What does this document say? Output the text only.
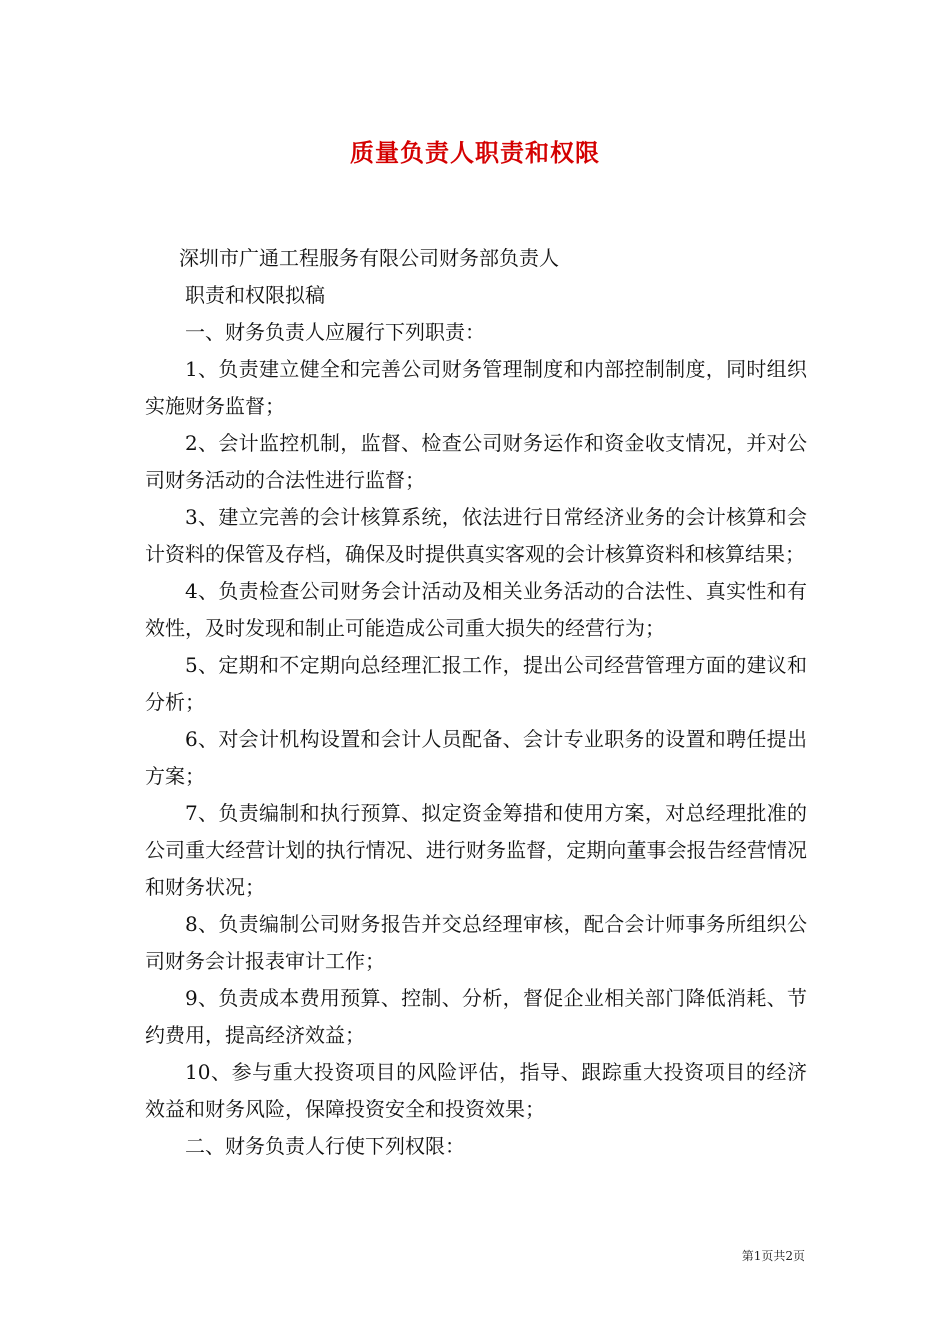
质量负责人职责和权限

深圳市广通工程服务有限公司财务部负责人

职责和权限拟稿

一、财务负责人应履行下列职责：

1、负责建立健全和完善公司财务管理制度和内部控制制度，同时组织实施财务监督；

2、会计监控机制，监督、检查公司财务运作和资金收支情况，并对公司财务活动的合法性进行监督；

3、建立完善的会计核算系统，依法进行日常经济业务的会计核算和会计资料的保管及存档，确保及时提供真实客观的会计核算资料和核算结果；

4、负责检查公司财务会计活动及相关业务活动的合法性、真实性和有效性，及时发现和制止可能造成公司重大损失的经营行为；

5、定期和不定期向总经理汇报工作，提出公司经营管理方面的建议和分析；

6、对会计机构设置和会计人员配备、会计专业职务的设置和聘任提出方案；

7、负责编制和执行预算、拟定资金筹措和使用方案，对总经理批准的公司重大经营计划的执行情况、进行财务监督，定期向董事会报告经营情况和财务状况；

8、负责编制公司财务报告并交总经理审核，配合会计师事务所组织公司财务会计报表审计工作；

9、负责成本费用预算、控制、分析，督促企业相关部门降低消耗、节约费用，提高经济效益；

10、参与重大投资项目的风险评估，指导、跟踪重大投资项目的经济效益和财务风险，保障投资安全和投资效果；

二、财务负责人行使下列权限：

第1页共2页
